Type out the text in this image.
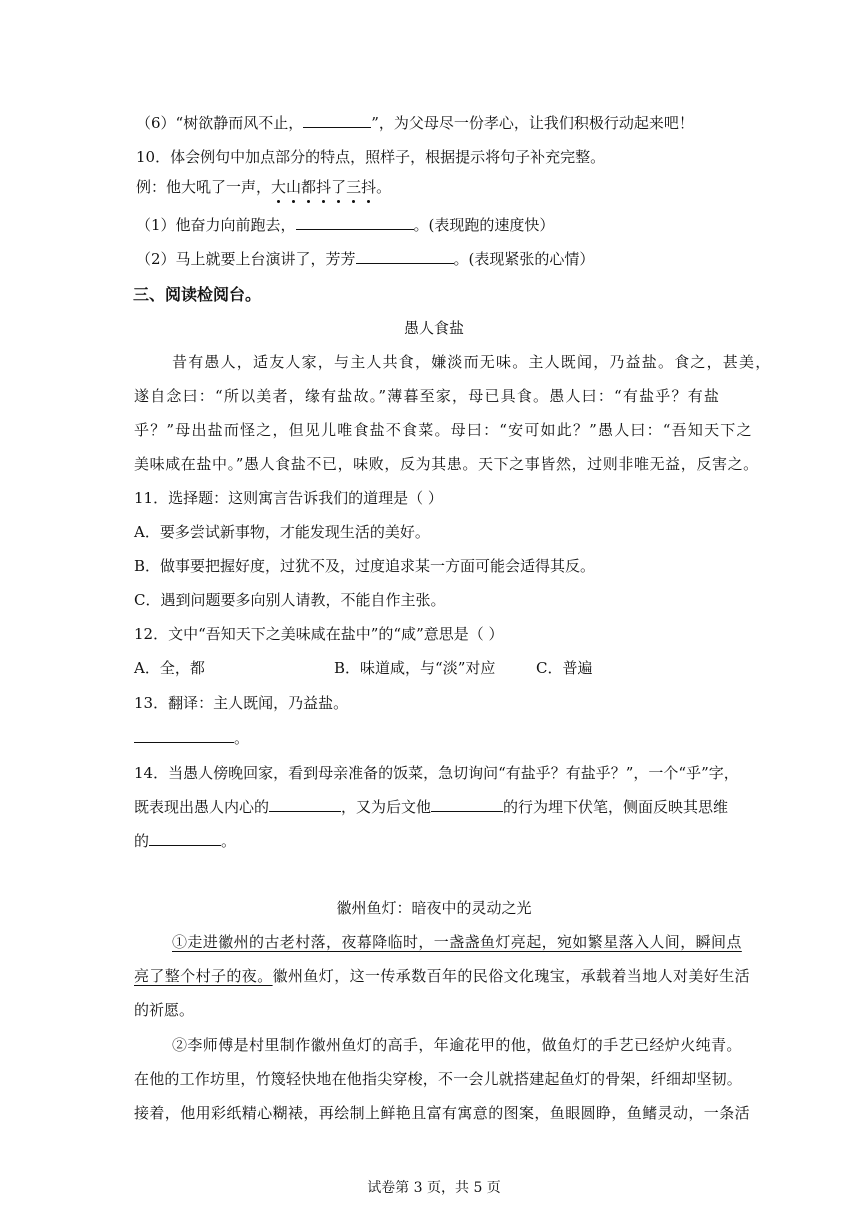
（6）“树欲静而风不止，	”，为父母尽一份孝心，让我们积极行动起来吧！
10．体会例句中加点部分的特点，照样子，根据提示将句子补充完整。
例：他大吼了一声，大山都抖了三抖。
（1）他奋力向前跑去，	。(表现跑的速度快）
（2）马上就要上台演讲了，芳芳	。(表现紧张的心情）
三、阅读检阅台。
愚人食盐
昔有愚人，适友人家，与主人共食，嫌淡而无味。主人既闻，乃益盐。食之，甚美，
遂自念曰：“所以美者，缘有盐故。”薄暮至家，母已具食。愚人曰：“有盐乎？有盐
乎？”母出盐而怪之，但见儿唯食盐不食菜。母曰：“安可如此？”愚人曰：“吾知天下之
美味咸在盐中。”愚人食盐不已，味败，反为其患。天下之事皆然，过则非唯无益，反害之。
11．选择题：这则寓言告诉我们的道理是（ ）
A．要多尝试新事物，才能发现生活的美好。
B．做事要把握好度，过犹不及，过度追求某一方面可能会适得其反。
C．遇到问题要多向别人请教，不能自作主张。
12．文中“吾知天下之美味咸在盐中”的“咸”意思是（ ）
A．全，都	B．味道咸，与“淡”对应	C．普遍
13．翻译：主人既闻，乃益盐。
。
14．当愚人傍晚回家，看到母亲准备的饭菜，急切询问“有盐乎？有盐乎？”，一个“乎”字，
既表现出愚人内心的	，又为后文他	的行为埋下伏笔，侧面反映其思维
的	。
徽州鱼灯：暗夜中的灵动之光
①走进徽州的古老村落，夜幕降临时，一盏盏鱼灯亮起，宛如繁星落入人间，瞬间点
亮了整个村子的夜。徽州鱼灯，这一传承数百年的民俗文化瑰宝，承载着当地人对美好生活
的祈愿。
②李师傅是村里制作徽州鱼灯的高手，年逾花甲的他，做鱼灯的手艺已经炉火纯青。
在他的工作坊里，竹篾轻快地在他指尖穿梭，不一会儿就搭建起鱼灯的骨架，纤细却坚韧。
接着，他用彩纸精心糊裱，再绘制上鲜艳且富有寓意的图案，鱼眼圆睁，鱼鳍灵动，一条活
试卷第 3 页，共 5 页
